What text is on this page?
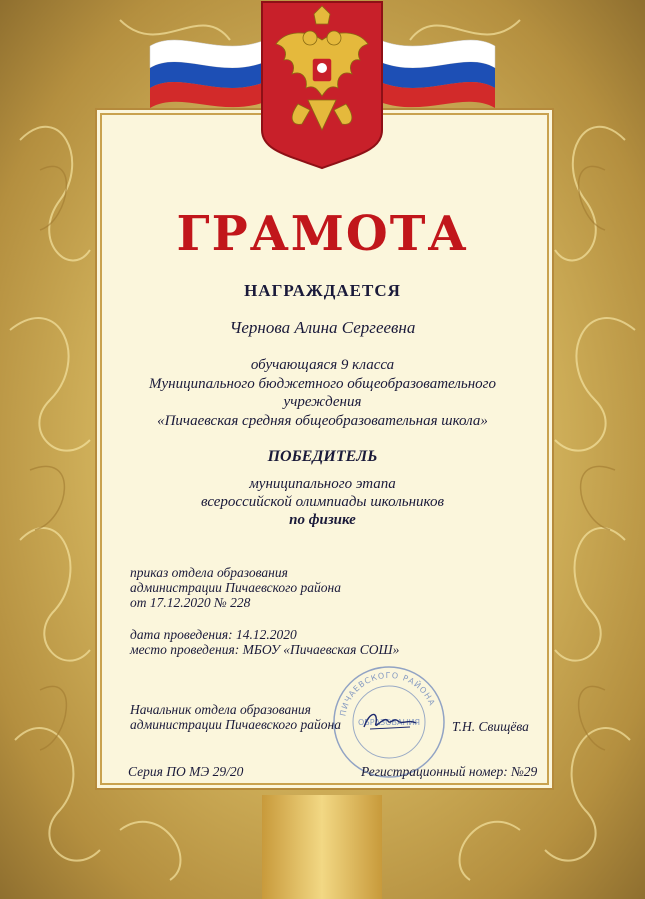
ГРАМОТА
НАГРАЖДАЕТСЯ
Чернова Алина Сергеевна
обучающаяся 9 класса
Муниципального бюджетного общеобразовательного
учреждения
«Пичаевская средняя общеобразовательная школа»
ПОБЕДИТЕЛЬ
муниципального этапа
всероссийской олимпиады школьников
по физике
приказ отдела образования
администрации Пичаевского района
от 17.12.2020 № 228
дата проведения: 14.12.2020
место проведения: МБОУ «Пичаевская СОШ»
Начальник отдела образования
администрации Пичаевского района	Т.Н. Свищёва
ПИЧАЕВСКОГО РАЙОНА
ОБРАЗОВАНИЯ
Серия ПО МЭ 29/20	Регистрационный номер: №29
